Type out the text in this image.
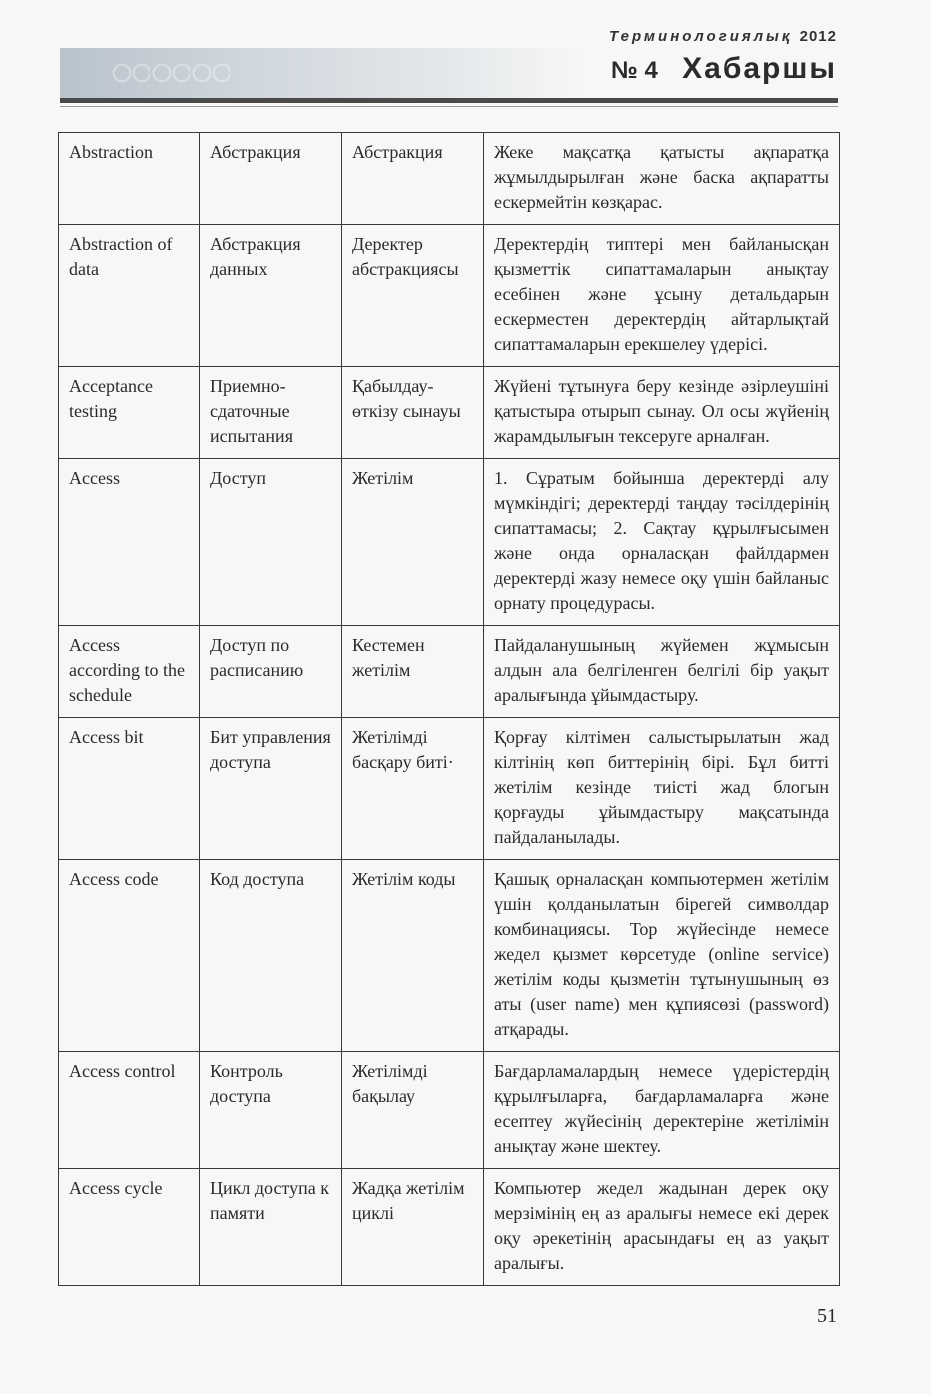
Терминологиялық 2012
№ 4 Хабаршы
Abstraction	Абстракция	Абстракция	Жеке мақсатқа қатысты ақпаратқа жұмылдырылған және баска ақпаратты ескермейтін көзқарас.
Abstraction of data	Абстракция данных	Деректер абстракциясы	Деректердің типтері мен байланысқан қызметтік сипаттамаларын анықтау есебінен және ұсыну детальдарын ескерместен деректердің айтарлықтай сипаттамаларын ерекшелеу үдерісі.
Acceptance testing	Приемно-сдаточные испытания	Қабылдау-өткізу сынауы	Жүйені тұтынуға беру кезінде әзірлеушіні қатыстыра отырып сынау. Ол осы жүйенің жарамдылығын тексеруге арналған.
Access	Доступ	Жетілім	1. Сұратым бойынша деректерді алу мүмкіндігі; деректерді таңдау тәсілдерінің сипаттамасы; 2. Сақтау құрылғысымен және онда орналасқан файлдармен деректерді жазу немесе оқу үшін байланыс орнату процедурасы.
Access according to the schedule	Доступ по расписанию	Кестемен жетілім	Пайдаланушының жүйемен жұмысын алдын ала белгіленген белгілі бір уақыт аралығында ұйымдастыру.
Access bit	Бит управления доступа	Жетілімді басқару биті·	Қорғау кілтімен салыстырылатын жад кілтінің көп биттерінің бірі. Бұл битті жетілім кезінде тиісті жад блогын қорғауды ұйымдастыру мақсатында пайдаланылады.
Access code	Код доступа	Жетілім коды	Қашық орналасқан компьютермен жетілім үшін қолданылатын бірегей символдар комбинациясы. Тор жүйесінде немесе жедел қызмет көрсетуде (online service) жетілім коды қызметін тұтынушының өз аты (user name) мен құпиясөзі (password) атқарады.
Access control	Контроль доступа	Жетілімді бақылау	Бағдарламалардың немесе үдерістердің құрылғыларға, бағдарламаларға және есептеу жүйесінің деректеріне жетілімін анықтау және шектеу.
Access cycle	Цикл доступа к памяти	Жадқа жетілім циклі	Компьютер жедел жадынан дерек оқу мерзімінің ең аз аралығы немесе екі дерек оқу әрекетінің арасындағы ең аз уақыт аралығы.
51
